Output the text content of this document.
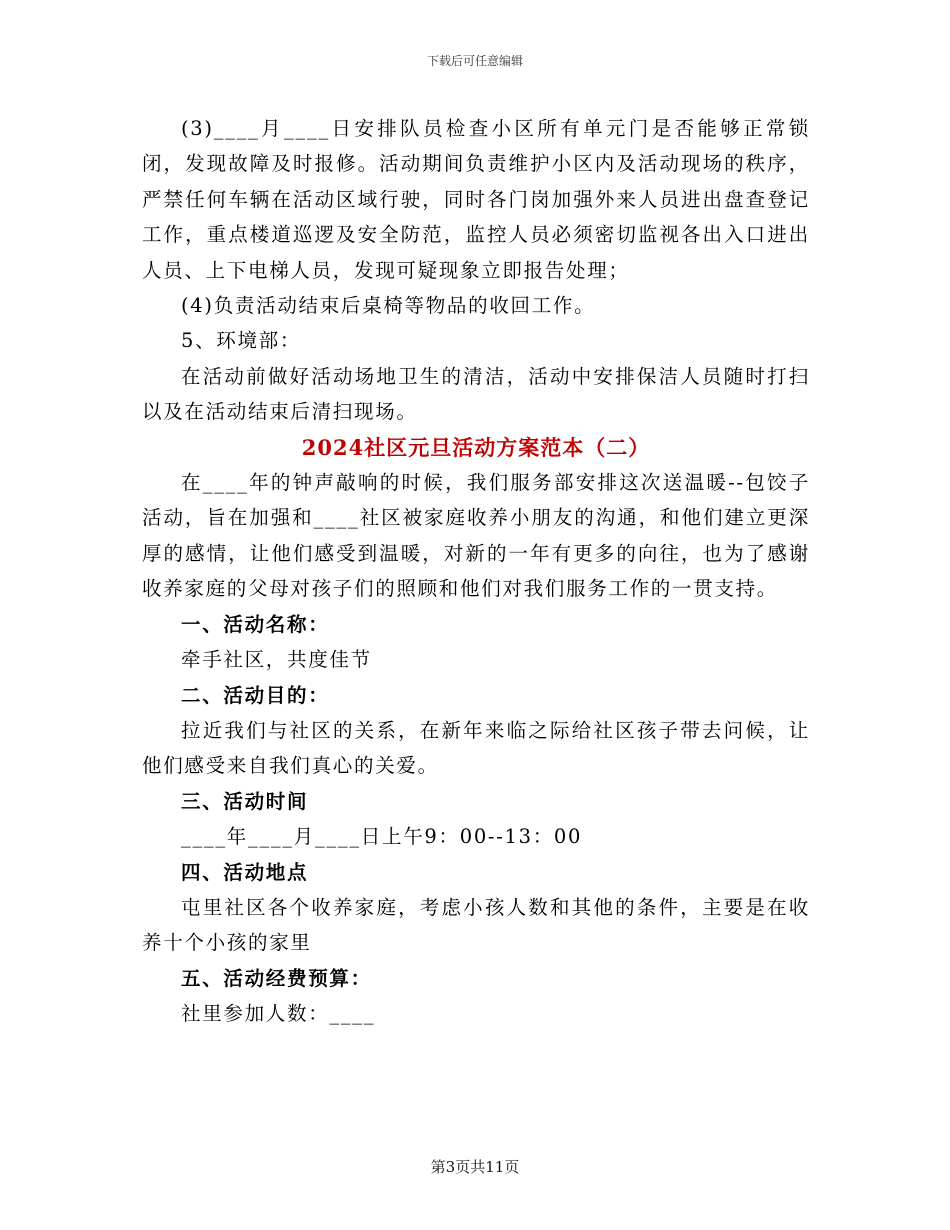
下载后可任意编辑

(3)____月____日安排队员检查小区所有单元门是否能够正常锁闭，发现故障及时报修。活动期间负责维护小区内及活动现场的秩序，严禁任何车辆在活动区域行驶，同时各门岗加强外来人员进出盘查登记工作，重点楼道巡逻及安全防范，监控人员必须密切监视各出入口进出人员、上下电梯人员，发现可疑现象立即报告处理；

(4)负责活动结束后桌椅等物品的收回工作。

5、环境部：

在活动前做好活动场地卫生的清洁，活动中安排保洁人员随时打扫以及在活动结束后清扫现场。

2024社区元旦活动方案范本（二）

在____年的钟声敲响的时候，我们服务部安排这次送温暖--包饺子活动，旨在加强和____社区被家庭收养小朋友的沟通，和他们建立更深厚的感情，让他们感受到温暖，对新的一年有更多的向往，也为了感谢收养家庭的父母对孩子们的照顾和他们对我们服务工作的一贯支持。

一、活动名称：

牵手社区，共度佳节

二、活动目的：

拉近我们与社区的关系，在新年来临之际给社区孩子带去问候，让他们感受来自我们真心的关爱。

三、活动时间

____年____月____日上午9：00--13：00

四、活动地点

屯里社区各个收养家庭，考虑小孩人数和其他的条件，主要是在收养十个小孩的家里

五、活动经费预算：

社里参加人数：____

第3页共11页
